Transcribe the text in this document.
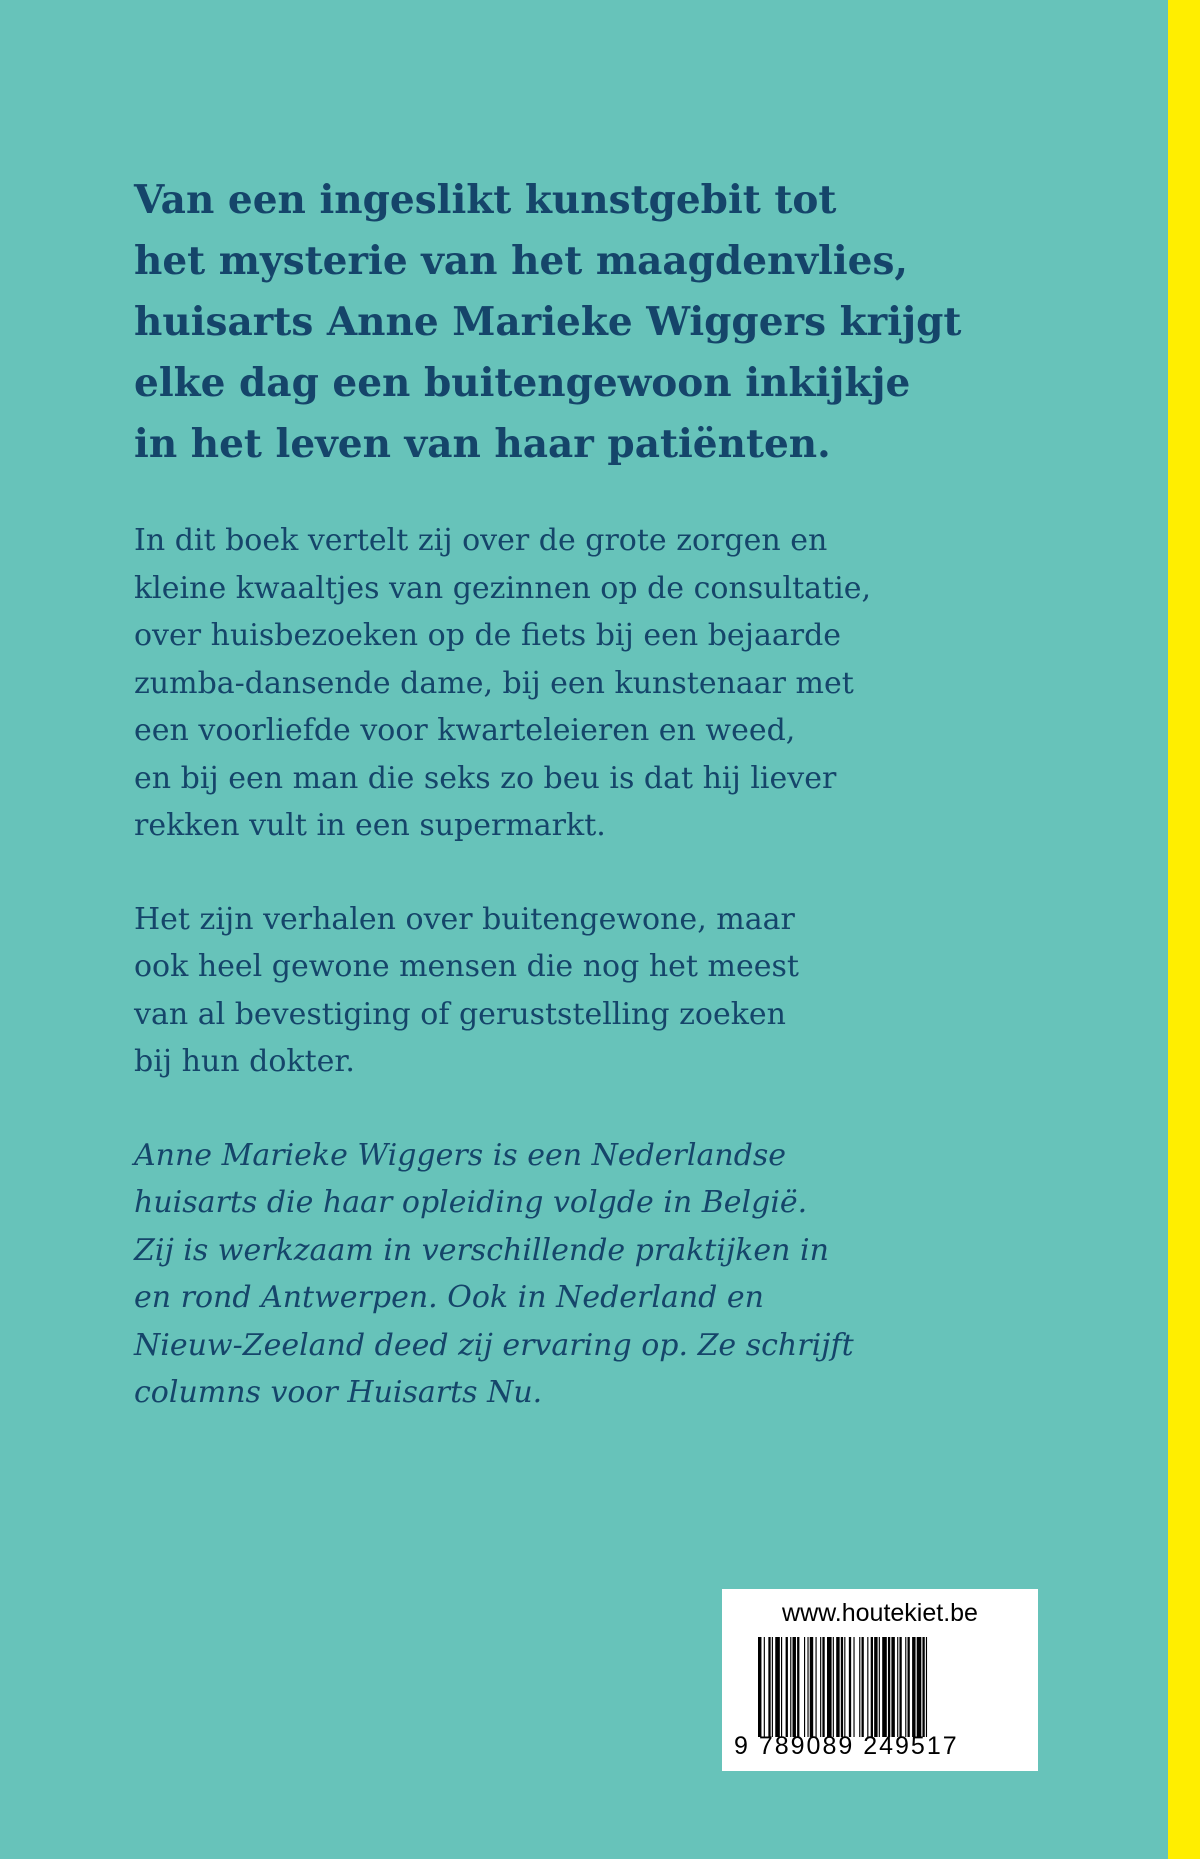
Van een ingeslikt kunstgebit tot
het mysterie van het maagdenvlies,
huisarts Anne Marieke Wiggers krijgt
elke dag een buitengewoon inkijkje
in het leven van haar patiënten.

In dit boek vertelt zij over de grote zorgen en
kleine kwaaltjes van gezinnen op de consultatie,
over huisbezoeken op de fiets bij een bejaarde
zumba-dansende dame, bij een kunstenaar met
een voorliefde voor kwarteleieren en weed,
en bij een man die seks zo beu is dat hij liever
rekken vult in een supermarkt.

Het zijn verhalen over buitengewone, maar
ook heel gewone mensen die nog het meest
van al bevestiging of geruststelling zoeken
bij hun dokter.

Anne Marieke Wiggers is een Nederlandse
huisarts die haar opleiding volgde in België.
Zij is werkzaam in verschillende praktijken in
en rond Antwerpen. Ook in Nederland en
Nieuw-Zeeland deed zij ervaring op. Ze schrijft
columns voor Huisarts Nu.

www.houtekiet.be
9 789089 249517
